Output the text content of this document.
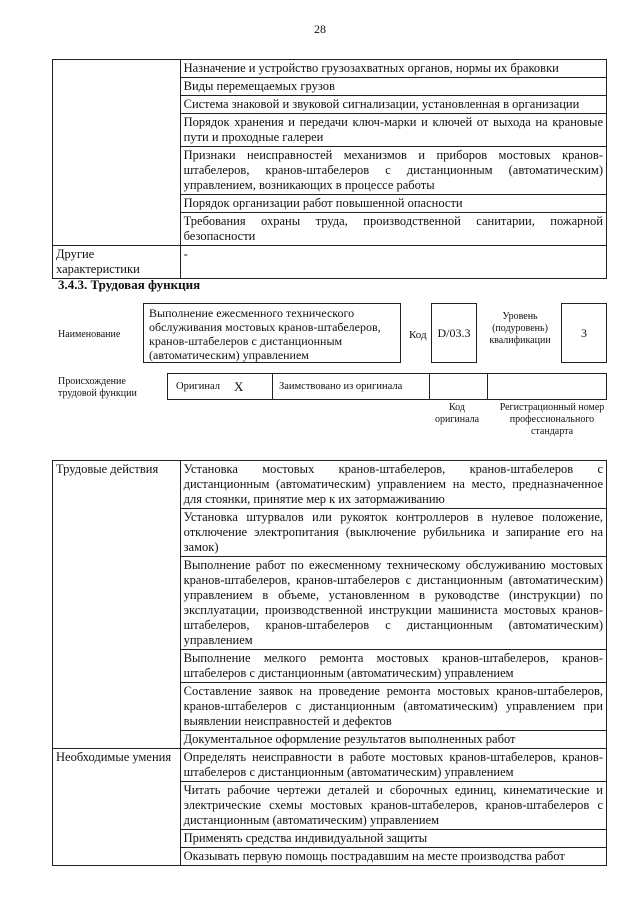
28
	Назначение и устройство грузозахватных органов, нормы их браковки
	Виды перемещаемых грузов
	Система знаковой и звуковой сигнализации, установленная в организации
	Порядок хранения и передачи ключ-марки и ключей от выхода на крановые пути и проходные галереи
	Признаки неисправностей механизмов и приборов мостовых кранов-штабелеров, кранов-штабелеров с дистанционным (автоматическим) управлением, возникающих в процессе работы
	Порядок организации работ повышенной опасности
	Требования охраны труда, производственной санитарии, пожарной безопасности
Другие характеристики	-
3.4.3. Трудовая функция
Наименование
Выполнение ежесменного технического обслуживания мостовых кранов-штабелеров, кранов-штабелеров с дистанционным (автоматическим) управлением
Код D/03.3
Уровень (подуровень) квалификации
3
Происхождение трудовой функции
Оригинал X	Заимствовано из оригинала
Код оригинала
Регистрационный номер профессионального стандарта
Трудовые действия	Установка мостовых кранов-штабелеров, кранов-штабелеров с дистанционным (автоматическим) управлением на место, предназначенное для стоянки, принятие мер к их затормаживанию
	Установка штурвалов или рукояток контроллеров в нулевое положение, отключение электропитания (выключение рубильника и запирание его на замок)
	Выполнение работ по ежесменному техническому обслуживанию мостовых кранов-штабелеров, кранов-штабелеров с дистанционным (автоматическим) управлением в объеме, установленном в руководстве (инструкции) по эксплуатации, производственной инструкции машиниста мостовых кранов-штабелеров, кранов-штабелеров с дистанционным (автоматическим) управлением
	Выполнение мелкого ремонта мостовых кранов-штабелеров, кранов-штабелеров с дистанционным (автоматическим) управлением
	Составление заявок на проведение ремонта мостовых кранов-штабелеров, кранов-штабелеров с дистанционным (автоматическим) управлением при выявлении неисправностей и дефектов
	Документальное оформление результатов выполненных работ
Необходимые умения	Определять неисправности в работе мостовых кранов-штабелеров, кранов-штабелеров с дистанционным (автоматическим) управлением
	Читать рабочие чертежи деталей и сборочных единиц, кинематические и электрические схемы мостовых кранов-штабелеров, кранов-штабелеров с дистанционным (автоматическим) управлением
	Применять средства индивидуальной защиты
	Оказывать первую помощь пострадавшим на месте производства работ
